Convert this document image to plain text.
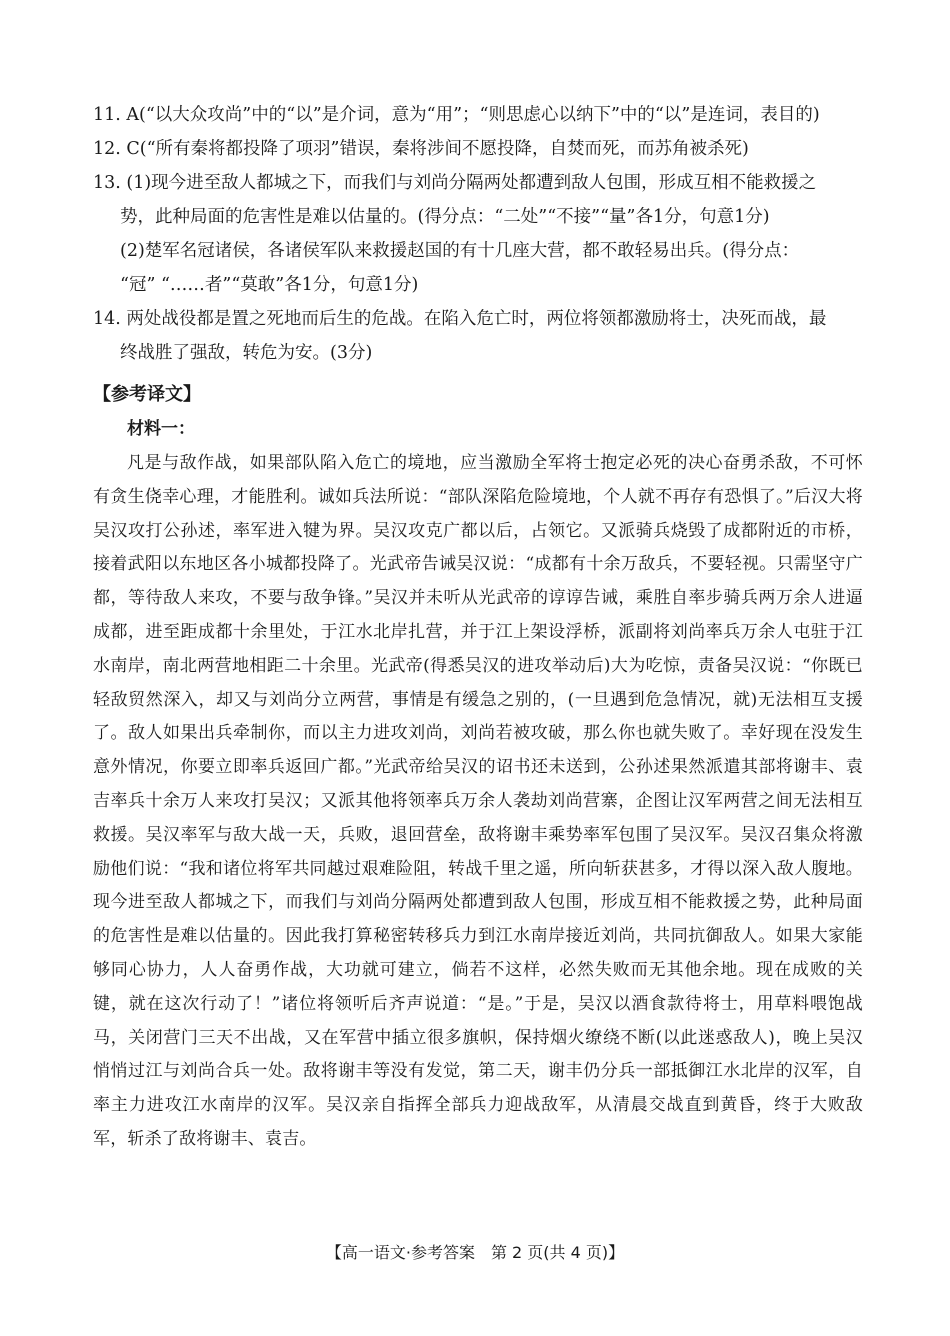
11. A(“以大众攻尚”中的“以”是介词，意为“用”；“则思虑心以纳下”中的“以”是连词，表目的)

12. C(“所有秦将都投降了项羽”错误，秦将涉间不愿投降，自焚而死，而苏角被杀死)

13. (1)现今进至敌人都城之下，而我们与刘尚分隔两处都遭到敌人包围，形成互相不能救援之
势，此种局面的危害性是难以估量的。(得分点：“二处”“不接”“量”各1分，句意1分)

(2)楚军名冠诸侯，各诸侯军队来救援赵国的有十几座大营，都不敢轻易出兵。(得分点：
“冠” “……者”“莫敢”各1分，句意1分)

14. 两处战役都是置之死地而后生的危战。在陷入危亡时，两位将领都激励将士，决死而战，最
终战胜了强敌，转危为安。(3分)

【参考译文】
材料一：

凡是与敌作战，如果部队陷入危亡的境地，应当激励全军将士抱定必死的决心奋勇杀敌，不可怀有贪生侥幸心理，才能胜利。诚如兵法所说：“部队深陷危险境地，个人就不再存有恐惧了。”后汉大将吴汉攻打公孙述，率军进入犍为界。吴汉攻克广都以后，占领它。又派骑兵烧毁了成都附近的市桥，接着武阳以东地区各小城都投降了。光武帝告诫吴汉说：“成都有十余万敌兵，不要轻视。只需坚守广都，等待敌人来攻，不要与敌争锋。”吴汉并未听从光武帝的谆谆告诫，乘胜自率步骑兵两万余人进逼成都，进至距成都十余里处，于江水北岸扎营，并于江上架设浮桥，派副将刘尚率兵万余人屯驻于江水南岸，南北两营地相距二十余里。光武帝(得悉吴汉的进攻举动后)大为吃惊，责备吴汉说：“你既已轻敌贸然深入，却又与刘尚分立两营，事情是有缓急之别的，(一旦遇到危急情况，就)无法相互支援了。敌人如果出兵牵制你，而以主力进攻刘尚，刘尚若被攻破，那么你也就失败了。幸好现在没发生意外情况，你要立即率兵返回广都。”光武帝给吴汉的诏书还未送到，公孙述果然派遣其部将谢丰、袁吉率兵十余万人来攻打吴汉；又派其他将领率兵万余人袭劫刘尚营寨，企图让汉军两营之间无法相互救援。吴汉率军与敌大战一天，兵败，退回营垒，敌将谢丰乘势率军包围了吴汉军。吴汉召集众将激励他们说：“我和诸位将军共同越过艰难险阻，转战千里之遥，所向斩获甚多，才得以深入敌人腹地。现今进至敌人都城之下，而我们与刘尚分隔两处都遭到敌人包围，形成互相不能救援之势，此种局面的危害性是难以估量的。因此我打算秘密转移兵力到江水南岸接近刘尚，共同抗御敌人。如果大家能够同心协力，人人奋勇作战，大功就可建立，倘若不这样，必然失败而无其他余地。现在成败的关键，就在这次行动了！”诸位将领听后齐声说道：“是。”于是，吴汉以酒食款待将士，用草料喂饱战马，关闭营门三天不出战，又在军营中插立很多旗帜，保持烟火缭绕不断(以此迷惑敌人)，晚上吴汉悄悄过江与刘尚合兵一处。敌将谢丰等没有发觉，第二天，谢丰仍分兵一部抵御江水北岸的汉军，自率主力进攻江水南岸的汉军。吴汉亲自指挥全部兵力迎战敌军，从清晨交战直到黄昏，终于大败敌军，斩杀了敌将谢丰、袁吉。

【高一语文·参考答案　第 2 页(共 4 页)】
